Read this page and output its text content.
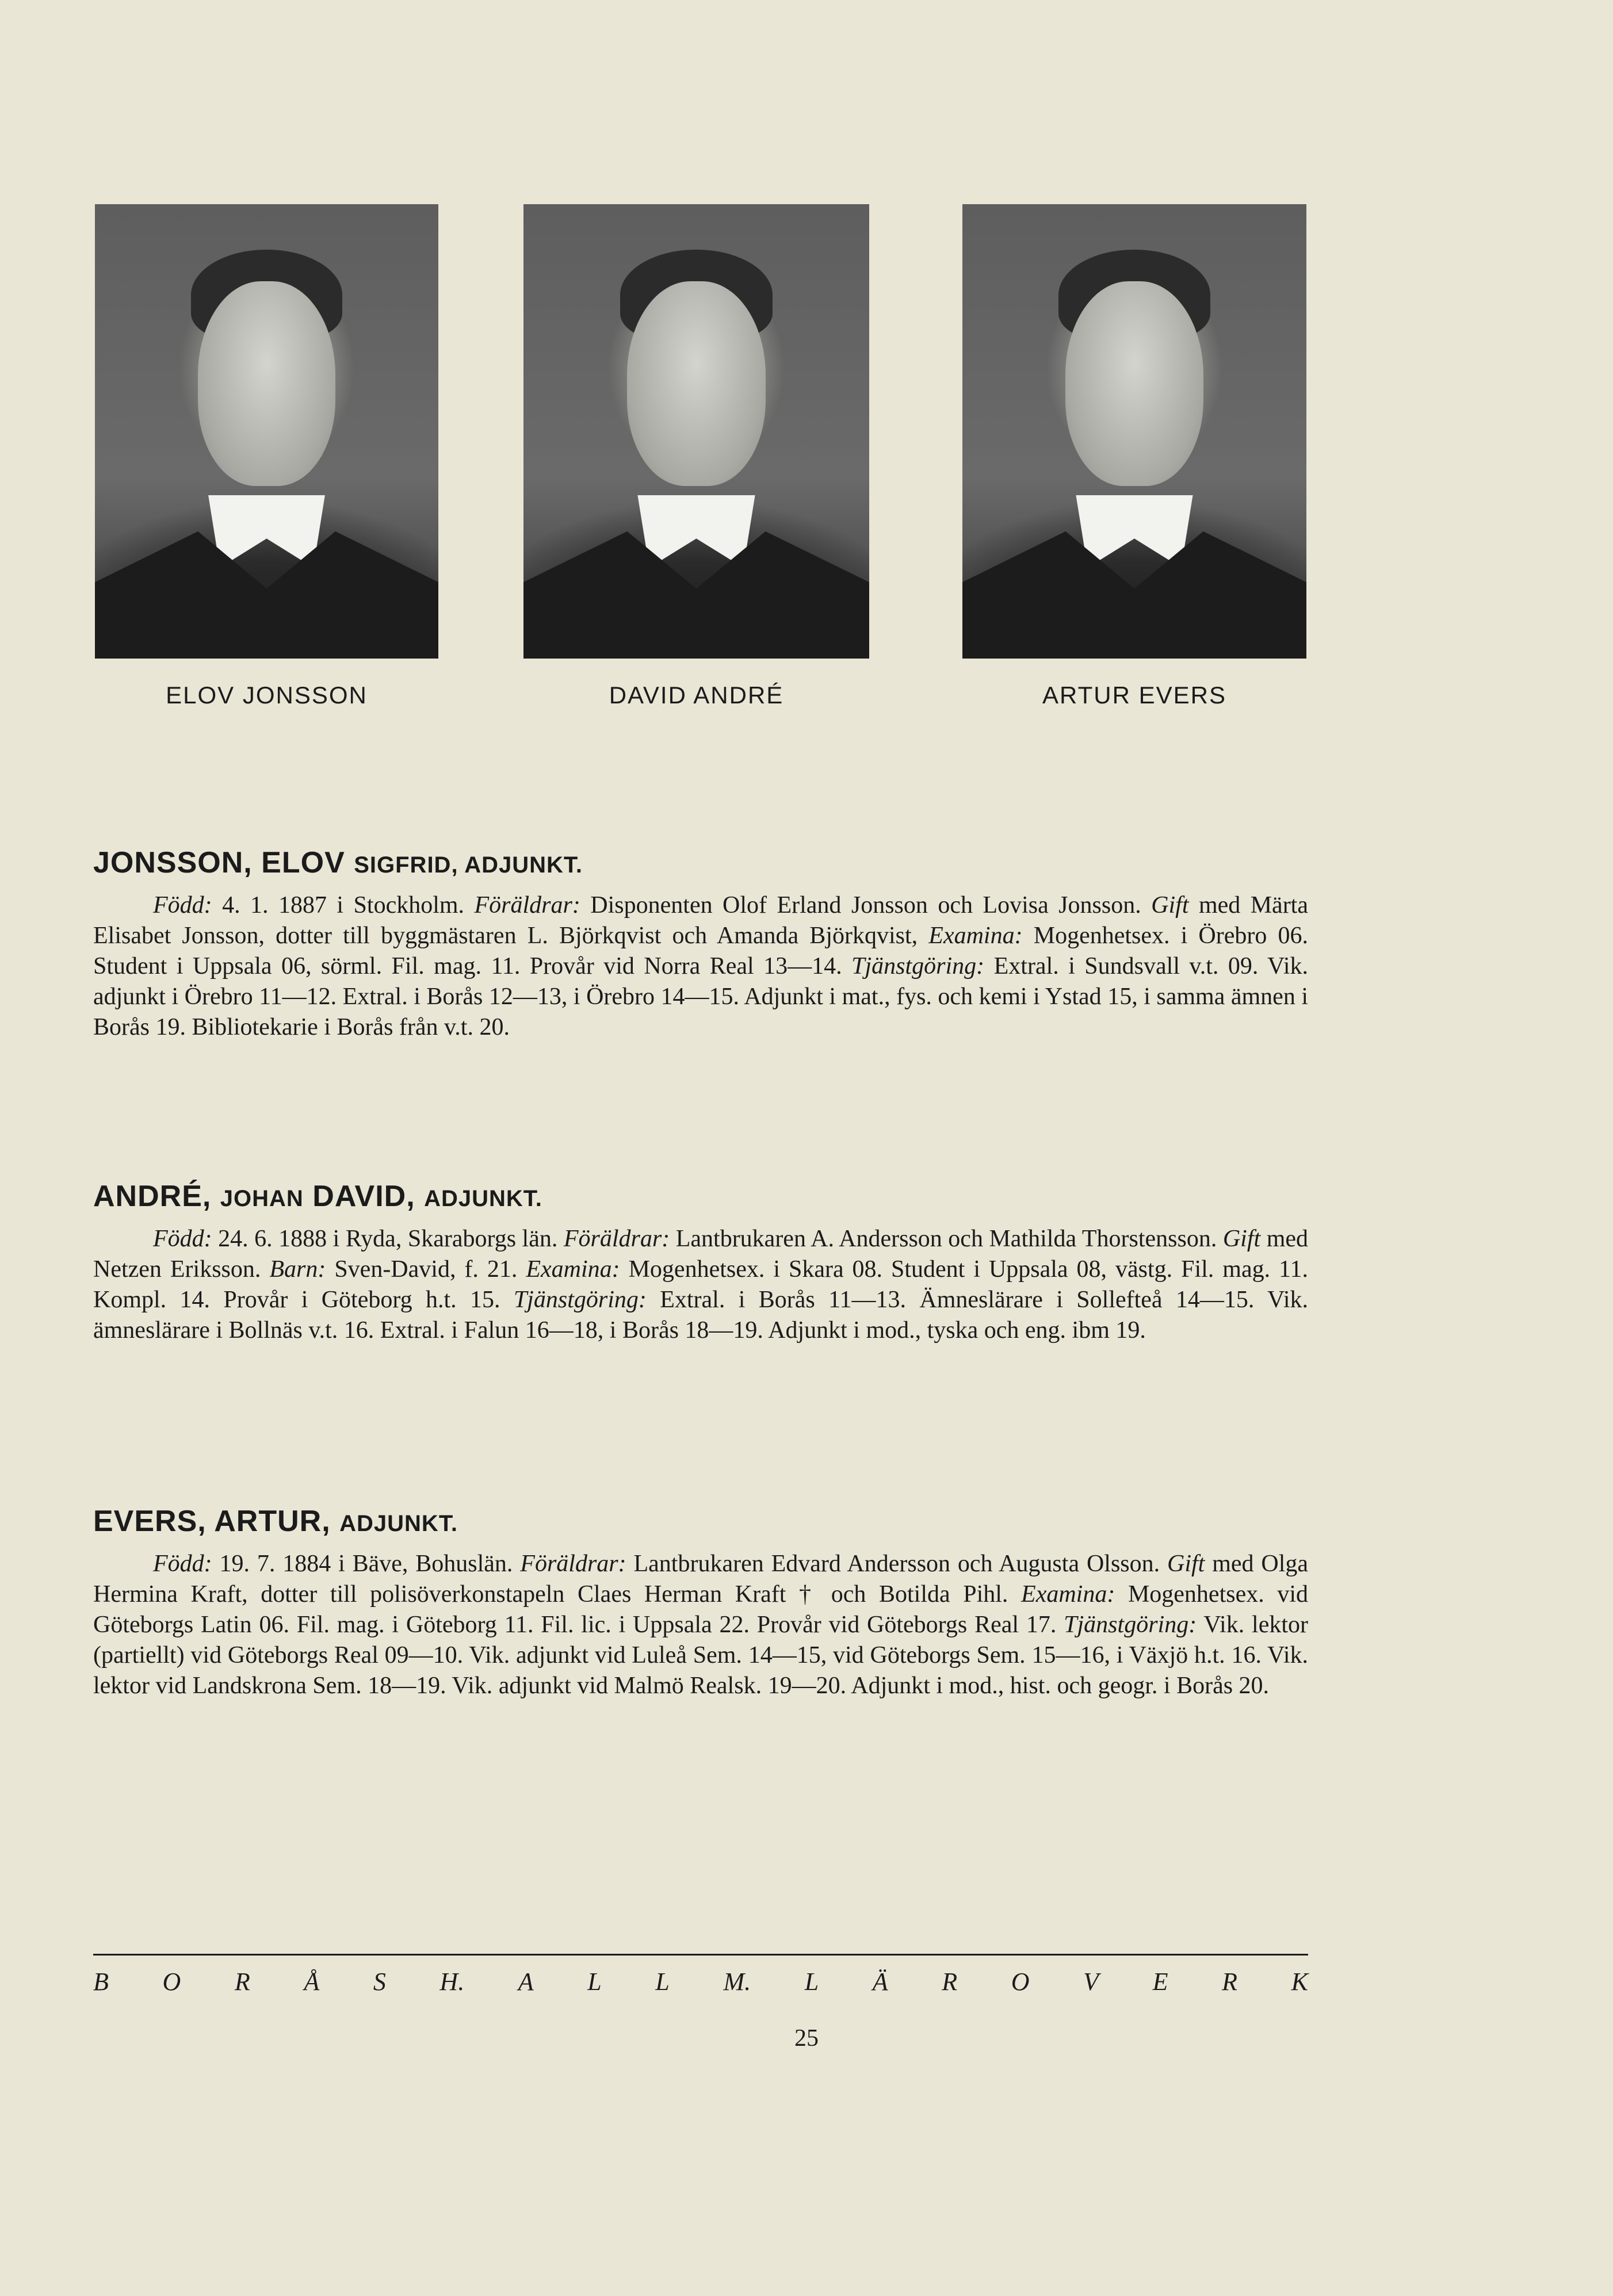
ELOV JONSSON	DAVID ANDRÉ	ARTUR EVERS
JONSSON, ELOV SIGFRID, ADJUNKT.

Född: 4. 1. 1887 i Stockholm. Föräldrar: Disponenten Olof Erland Jonsson och Lovisa Jonsson. Gift med Märta Elisabet Jonsson, dotter till byggmästaren L. Björkqvist och Amanda Björkqvist, Examina: Mogenhetsex. i Örebro 06. Student i Uppsala 06, sörml. Fil. mag. 11. Provår vid Norra Real 13—14. Tjänstgöring: Extral. i Sundsvall v.t. 09. Vik. adjunkt i Örebro 11—12. Extral. i Borås 12—13, i Örebro 14—15. Adjunkt i mat., fys. och kemi i Ystad 15, i samma ämnen i Borås 19. Bibliotekarie i Borås från v.t. 20.

ANDRÉ, JOHAN DAVID, ADJUNKT.

Född: 24. 6. 1888 i Ryda, Skaraborgs län. Föräldrar: Lantbrukaren A. Andersson och Mathilda Thorstensson. Gift med Netzen Eriksson. Barn: Sven-David, f. 21. Examina: Mogenhetsex. i Skara 08. Student i Uppsala 08, västg. Fil. mag. 11. Kompl. 14. Provår i Göteborg h.t. 15. Tjänstgöring: Extral. i Borås 11—13. Ämneslärare i Sollefteå 14—15. Vik. ämneslärare i Bollnäs v.t. 16. Extral. i Falun 16—18, i Borås 18—19. Adjunkt i mod., tyska och eng. ibm 19.

EVERS, ARTUR, ADJUNKT.

Född: 19. 7. 1884 i Bäve, Bohuslän. Föräldrar: Lantbrukaren Edvard Andersson och Augusta Olsson. Gift med Olga Hermina Kraft, dotter till polisöverkonstapeln Claes Herman Kraft † och Botilda Pihl. Examina: Mogenhetsex. vid Göteborgs Latin 06. Fil. mag. i Göteborg 11. Fil. lic. i Uppsala 22. Provår vid Göteborgs Real 17. Tjänstgöring: Vik. lektor (partiellt) vid Göteborgs Real 09—10. Vik. adjunkt vid Luleå Sem. 14—15, vid Göteborgs Sem. 15—16, i Växjö h.t. 16. Vik. lektor vid Landskrona Sem. 18—19. Vik. adjunkt vid Malmö Realsk. 19—20. Adjunkt i mod., hist. och geogr. i Borås 20.

B O R Å S H. A L L M. L Ä R O V E R K
25
